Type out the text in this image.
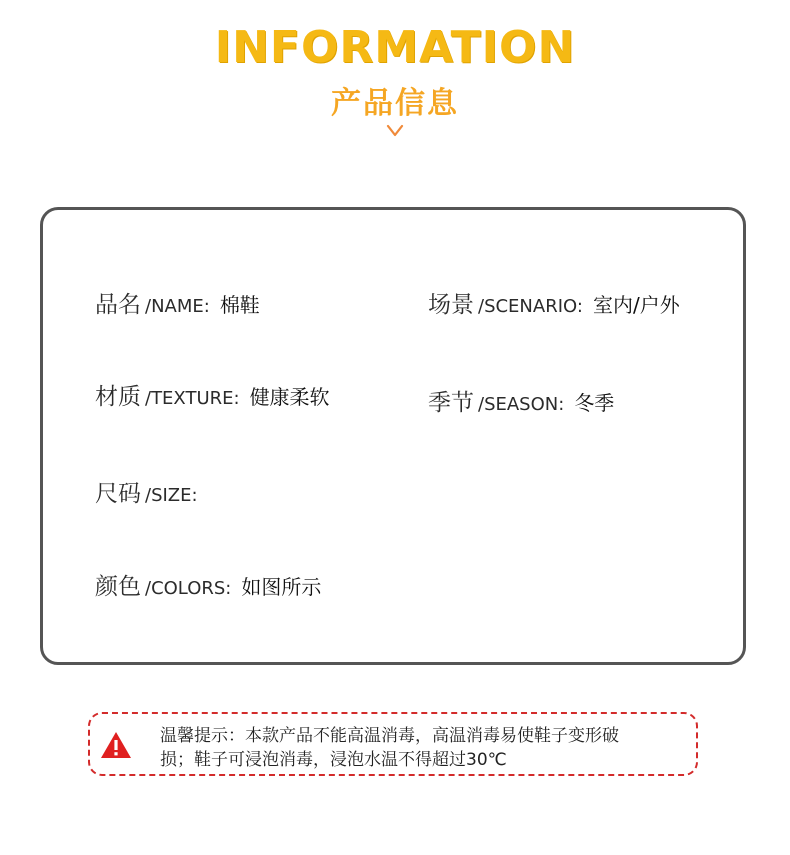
INFORMATION
产品信息
品名 /NAME: 棉鞋	场景 /SCENARIO: 室内/户外
材质 /TEXTURE: 健康柔软	季节 /SEASON: 冬季
尺码 /SIZE:
颜色 /COLORS: 如图所示
温馨提示：本款产品不能高温消毒，高温消毒易使鞋子变形破
损；鞋子可浸泡消毒，浸泡水温不得超过30℃
